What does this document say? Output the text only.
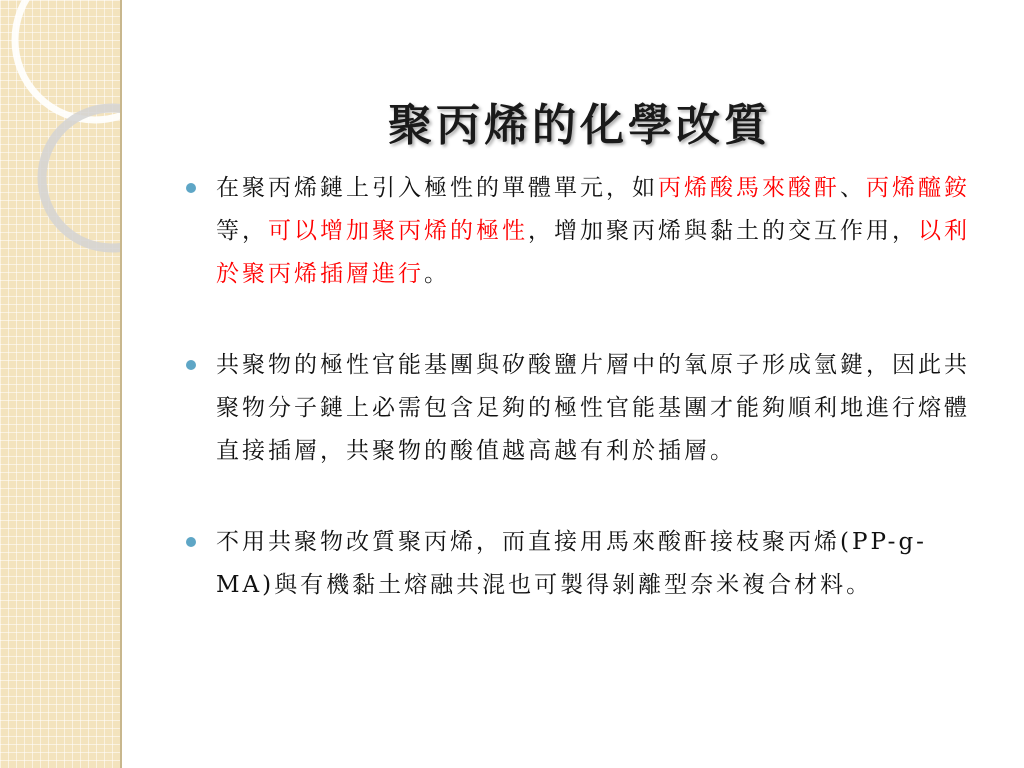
聚丙烯的化學改質
在聚丙烯鏈上引入極性的單體單元，如丙烯酸馬來酸酐、丙烯醯銨等，可以增加聚丙烯的極性，增加聚丙烯與黏土的交互作用，以利於聚丙烯插層進行。
共聚物的極性官能基團與矽酸鹽片層中的氧原子形成氫鍵，因此共聚物分子鏈上必需包含足夠的極性官能基團才能夠順利地進行熔體直接插層，共聚物的酸值越高越有利於插層。
不用共聚物改質聚丙烯，而直接用馬來酸酐接枝聚丙烯(PP-g-MA)與有機黏土熔融共混也可製得剝離型奈米複合材料。
